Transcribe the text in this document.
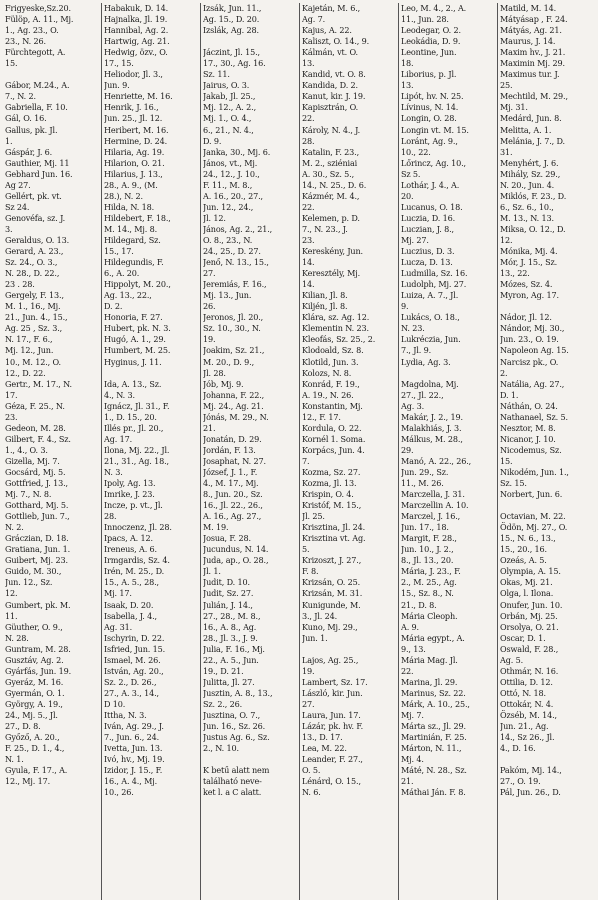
Frigyeske,Sz.20.
Fülöp, A. 11., Mj.
1., Ag. 23., O.
23., N. 26.
Fürchtegott, A.
15.
Gábor, M.24., A.
7., N. 2.
Gabriella, F. 10.
Gál, O. 16.
Gallus, pk. Jl.
1.
Gáspár, J. 6.
Gauthier, Mj. 11
Gebhard Jun. 16.
Ag 27.
Gellért, pk. vt.
Sz 24.
Genovéfa, sz. J.
3.
Geraldus, O. 13.
Gerard, A. 23.,
Sz. 24., O. 3.,
N. 28., D. 22.,
23 . 28.
Gergely, F. 13.,
M. 1., 16., Mj.
21., Jun. 4., 15.,
Ag. 25 , Sz. 3.,
N. 17., F. 6.,
Mj. 12., Jun.
10., M. 12., O.
12., D. 22.
Gertr., M. 17., N.
17.
Géza, F. 25., N.
23.
Gedeon, M. 28.
Gilbert, F. 4., Sz.
1., 4., O. 3.
Gizella, Mj. 7.
Gocsárd, Mj. 5.
Gottfried, J. 13.,
Mj. 7., N. 8.
Gotthard, Mj. 5.
Gottlieb, Jun. 7.,
N. 2.
Gráczian, D. 18.
Gratiana, Jun. 1.
Guibert, Mj. 23.
Guido, M. 30.,
Jun. 12., Sz.
12.
Gumbert, pk. M.
11.
Güuther, O. 9.,
N. 28.
Guntram, M. 28.
Gusztáv, Ag. 2.
Gyárfás, Jun. 19.
Gyeráz, M. 16.
Gyermán, O. 1.
György, A. 19.,
24., Mj. 5., Jl.
27., D. 8.
Győző, A. 20.,
F. 25., D. 1., 4.,
N. 1.
Gyula, F. 17., A.
12., Mj. 17.
Habakuk, D. 14.
Hajnalka, Jl. 19.
Hannibal, Ag. 2.
Hartwig, Ag. 21.
Hedwig, özv., O.
17., 15.
Heliodor, Jl. 3.,
Jun. 9.
Henriette, M. 16.
Henrik, J. 16.,
Jun. 25., Jl. 12.
Heribert, M. 16.
Hermine, D. 24.
Hilaria, Ag. 19.
Hilarion, O. 21.
Hilarius, J. 13.,
28., A. 9., (M.
28.), N. 2.
Hilda, N. 18.
Hildebert, F. 18.,
M. 14., Mj. 8.
Hildegard, Sz.
15., 17.
Hildegundis, F.
6., A. 20.
Hippolyt, M. 20.,
Ag. 13., 22.,
D. 2.
Honoria, F. 27.
Hubert, pk. N. 3.
Hugó, A. 1., 29.
Humbert, M. 25.
Hyginus, J. 11.
Ida, A. 13., Sz.
4., N. 3.
Ignácz, Jl. 31., F.
1., D. 15., 20.
Illés pr., Jl. 20.,
Ag. 17.
Ilona, Mj. 22., Jl.
21., 31., Ag. 18.,
N. 3.
Ipoly, Ag. 13.
Imrike, J. 23.
Incze, p. vt., Jl.
28.
Innoczenz, Jl. 28.
Ipacs, A. 12.
Ireneus, A. 6.
Irmgardis, Sz. 4.
Irén, M. 25., D.
15., A. 5., 28.,
Mj. 17.
Isaak, D. 20.
Isabella, J. 4.,
Ag. 31.
Ischyrin, D. 22.
Isfried, Jun. 15.
Ismael, M. 26.
István, Ag. 20.,
Sz. 2., D. 26.,
27., A. 3., 14.,
D 10.
Ittha, N. 3.
Iván, Ag. 29., J.
7., Jun. 6., 24.
Ivetta, Jun. 13.
Ivó, hv., Mj. 19.
Izidor, J. 15., F.
16., A. 4., Mj.
10., 26.
Izsák, Jun. 11.,
Ag. 15., D. 20.
Izslák, Ag. 28.
Jáczint, Jl. 15.,
17., 30., Ag. 16.
Sz. 11.
Jairus, O. 3.
Jakab, Jl. 25.,
Mj. 12., A. 2.,
Mj. 1., O. 4.,
6., 21., N. 4.,
D. 9.
Janka, 30., Mj. 6.
János, vt., Mj.
24., 12., J. 10.,
F. 11., M. 8.,
A. 16., 20., 27.,
Jun. 12., 24.,
Jl. 12.
János, Ag. 2., 21.,
O. 8., 23., N.
24., 25., D. 27.
Jenő, N. 13., 15.,
27.
Jeremiás, F. 16.,
Mj. 13., Jun.
26.
Jeronos, Jl. 20.,
Sz. 10., 30., N.
19.
Joakim, Sz. 21.,
M. 20., D. 9.,
Jl. 28.
Jób, Mj. 9.
Johanna, F. 22.,
Mj. 24., Ag. 21.
Jónás, M. 29., N.
21.
Jonatán, D. 29.
Jordán, F. 13.
Josaphat, N. 27.
József, J. 1., F.
4., M. 17., Mj.
8., Jun. 20., Sz.
16., Jl. 22., 26.,
A. 16., Ag. 27.,
M. 19.
Josua, F. 28.
Jucundus, N. 14.
Juda, ap., O. 28.,
Jl. 1.
Judit, D. 10.
Judit, Sz. 27.
Julián, J. 14.,
27., 28., M. 8.,
16., A. 8., Ag.
28., Jl. 3., J. 9.
Julia, F. 16., Mj.
22., A. 5., Jun.
19., D. 21.
Julitta, Jl. 27.
Jusztin, A. 8., 13.,
Sz. 2., 26.
Jusztina, O. 7.,
Jun. 16., Sz. 26.
Justus Ag. 6., Sz.
2., N. 10.
K betű alatt nem
található neve-
ket l. a C alatt.
Kajetán, M. 6.,
Ag. 7.
Kajus, A. 22.
Kaliszt, O. 14., 9.
Kálmán, vt. O.
13.
Kandid, vt. O. 8.
Kandida, D. 2.
Kanut, kir. J. 19.
Kapisztrán, O.
22.
Károly, N. 4., J.
28.
Katalin, F. 23.,
M. 2., sziéniai
A. 30., Sz. 5.,
14., N. 25., D. 6.
Kázmér, M. 4.,
22.
Kelemen, p. D.
7., N. 23., J.
23.
Kereskény, Jun.
14.
Keresztély, Mj.
14.
Kilian, Jl. 8.
Kiljén, Jl. 8.
Klára, sz. Ag. 12.
Klementin N. 23.
Kleofás, Sz. 25., 2.
Klodoald, Sz. 8.
Klotild, Jun. 3.
Kolozs, N. 8.
Konrád, F. 19.,
A. 19., N. 26.
Konstantin, Mj.
12., F. 17.
Kordula, O. 22.
Kornél 1. Soma.
Korpács, Jun. 4.
7.
Kozma, Sz. 27.
Kozma, Jl. 13.
Krispin, O. 4.
Kristóf, M. 15.,
Jl. 25.
Krisztina, Jl. 24.
Krisztina vt. Ag.
5.
Krizoszt, J. 27.,
F. 8.
Krizsán, O. 25.
Krizsán, M. 31.
Kunigunde, M.
3., Jl. 24.
Kuno, Mj. 29.,
Jun. 1.
Lajos, Ag. 25.,
19.
Lambert, Sz. 17.
László, kir. Jun.
27.
Laura, Jun. 17.
Lázár, pk. hv. F.
13., D. 17.
Lea, M. 22.
Leander, F. 27.,
O. 5.
Lénárd, O. 15.,
N. 6.
Leo, M. 4., 2., A.
11., Jun. 28.
Leodegar, O. 2.
Leokádia, D. 9.
Leontine, Jun.
18.
Liborius, p. Jl.
13.
Lipót, hv. N. 25.
Lívinus, N. 14.
Longin, O. 28.
Longin vt. M. 15.
Loránt, Ag. 9.,
10., 22.
Lőrincz, Ag. 10.,
Sz 5.
Lothár, J. 4., A.
20.
Lucanus, O. 18.
Luczia, D. 16.
Luczian, J. 8.,
Mj. 27.
Luczius, D. 3.
Lucza, D. 13.
Ludmilla, Sz. 16.
Ludolph, Mj. 27.
Luiza, A. 7., Jl.
9.
Lukács, O. 18.,
N. 23.
Lukréczia, Jun.
7., Jl. 9.
Lydia, Ag. 3.
Magdolna, Mj.
27., Jl. 22.,
Ag. 3.
Makár, J. 2., 19.
Malakhiás, J. 3.
Málkus, M. 28.,
29.
Manó, A. 22., 26.,
Jun. 29., Sz.
11., M. 26.
Marczella, J. 31.
Marczellin A. 10.
Marczel, J. 16.,
Jun. 17., 18.
Margit, F. 28.,
Jun. 10., J. 2.,
8., Jl. 13., 20.
Mária, J. 23., F.
2., M. 25., Ag.
15., Sz. 8., N.
21., D. 8.
Mária Cleoph.
A. 9.
Mária egypt., A.
9., 13.
Mária Mag. Jl.
22.
Marina, Jl. 29.
Marinus, Sz. 22.
Márk, A. 10., 25.,
Mj. 7.
Márta sz., Jl. 29.
Martinián, F. 25.
Márton, N. 11.,
Mj. 4.
Máté, N. 28., Sz.
21.
Máthai Ján. F. 8.
Matild, M. 14.
Mátyásap , F. 24.
Mátyás, Ag. 21.
Maurus, J. 14.
Maxim hv., J. 21.
Maximin Mj. 29.
Maximus tur. J.
25.
Mechtild, M. 29.,
Mj. 31.
Medárd, Jun. 8.
Melitta, A. 1.
Melánia, J. 7., D.
31.
Menyhért, J. 6.
Mihály, Sz. 29.,
N. 20., Jun. 4.
Miklós, F. 23., D.
6., Sz. 6., 10.,
M. 13., N. 13.
Miksa, O. 12., D.
12.
Mónika, Mj. 4.
Mór, J. 15., Sz.
13., 22.
Mózes, Sz. 4.
Myron, Ag. 17.
Nádor, Jl. 12.
Nándor, Mj. 30.,
Jun. 23., O. 19.
Napoleon Ag. 15.
Narcisz pk., O.
2.
Natália, Ag. 27.,
D. 1.
Náthán, O. 24.
Nathanael, Sz. 5.
Nesztor, M. 8.
Nicanor, J. 10.
Nicodemus, Sz.
15.
Nikodém, Jun. 1.,
Sz. 15.
Norbert, Jun. 6.
Octavian, M. 22.
Ödön, Mj. 27., O.
15., N. 6., 13.,
15., 20., 16.
Ozeás, A. 5.
Olympia, A. 15.
Okas, Mj. 21.
Olga, l. Ilona.
Onufer, Jun. 10.
Orbán, Mj. 25.
Orsolya, O. 21.
Oscar, D. 1.
Oswald, F. 28.,
Ag. 5.
Othmár, N. 16.
Ottilia, D. 12.
Ottó, N. 18.
Ottokár, N. 4.
Özséb, M. 14.,
Jun. 21., Ag.
14., Sz 26., Jl.
4., D. 16.
Pakóm, Mj. 14.,
27., O. 19.
Pál, Jun. 26., D.
